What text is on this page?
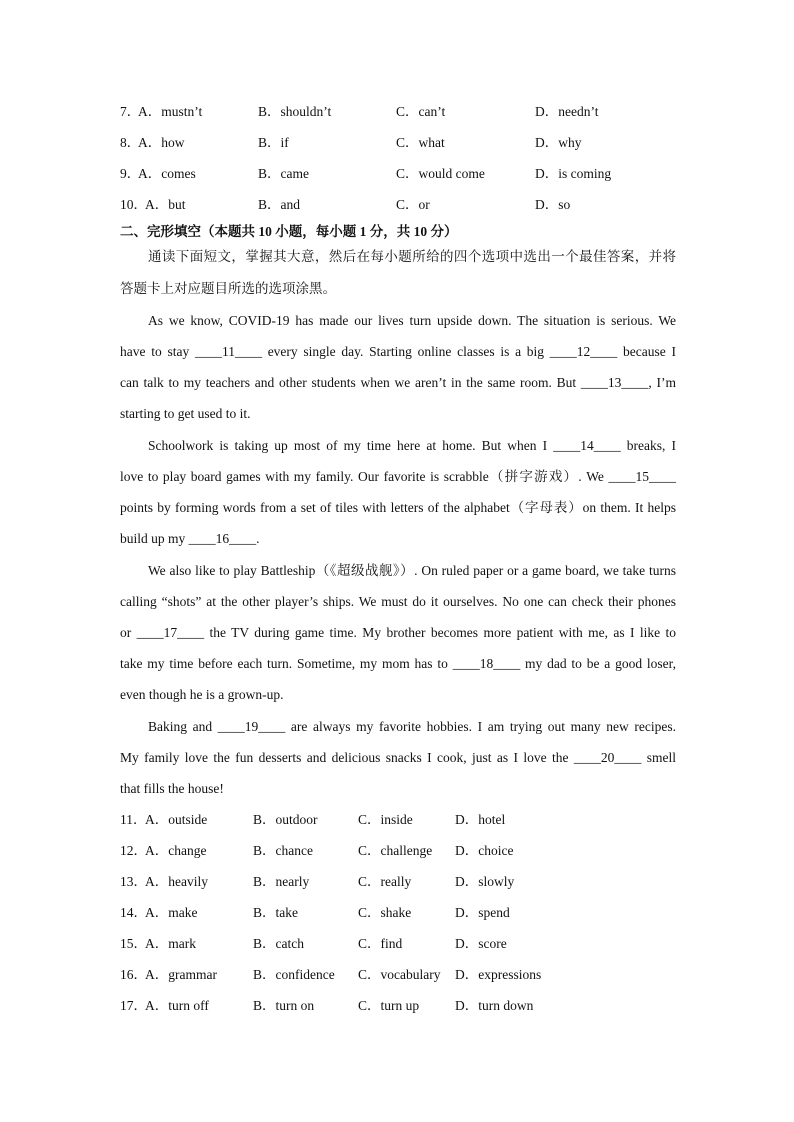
7．
A．mustn’t	B．shouldn’t	C．can’t	D．needn’t
8．
A．how	B．if	C．what	D．why
9．
A．comes	B．came	C．would come	D．is coming
10．
A．but	B．and	C．or	D．so
二、完形填空（本题共 10 小题，每小题 1 分，共 10 分）
通读下面短文，掌握其大意，然后在每小题所给的四个选项中选出一个最佳答案，并将
答题卡上对应题目所选的选项涂黑。
As we know, COVID-19 has made our lives turn upside down. The situation is serious. We
have to stay ____11____ every single day. Starting online classes is a big ____12____ because I
can talk to my teachers and other students when we aren’t in the same room. But ____13____, I’m
starting to get used to it.
Schoolwork is taking up most of my time here at home. But when I ____14____ breaks, I
love to play board games with my family. Our favorite is scrabble（拼字游戏）. We ____15____
points by forming words from a set of tiles with letters of the alphabet（字母表）on them. It helps
build up my ____16____.
We also like to play Battleship（《超级战舰》）. On ruled paper or a game board, we take turns
calling “shots” at the other player’s ships. We must do it ourselves. No one can check their phones
or ____17____ the TV during game time. My brother becomes more patient with me, as I like to
take my time before each turn. Sometime, my mom has to ____18____ my dad to be a good loser,
even though he is a grown-up.
Baking and ____19____ are always my favorite hobbies. I am trying out many new recipes.
My family love the fun desserts and delicious snacks I cook, just as I love the ____20____ smell
that fills the house!
11．
A．outside	B．outdoor	C．inside	D．hotel
12．
A．change	B．chance	C．challenge D．choice
13．
A．heavily	B．nearly	C．really	D．slowly
14．
A．make	B．take	C．shake	D．spend
15．
A．mark	B．catch	C．find	D．score
16．
A．grammar	B．confidence C．vocabulary D．expressions
17．
A．turn off	B．turn on	C．turn up	D．turn down
